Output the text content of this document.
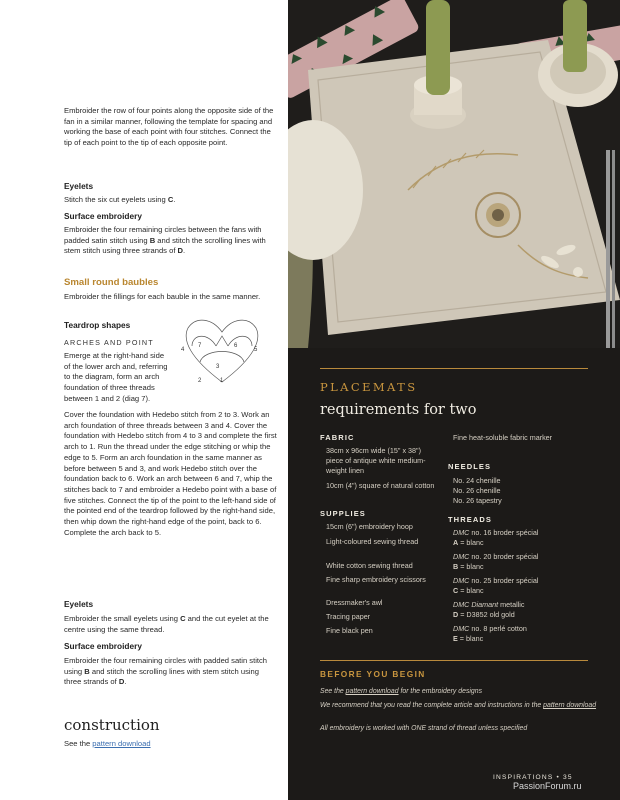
Embroider the row of four points along the opposite side of the fan in a similar manner, following the template for spacing and working the base of each point with four stitches. Connect the tip of each point to the tip of each opposite point.
Eyelets
Stitch the six cut eyelets using C.
Surface embroidery
Embroider the four remaining circles between the fans with padded satin stitch using B and stitch the scrolling lines with stem stitch using three strands of D.
Small round baubles
Embroider the fillings for each bauble in the same manner.
Teardrop shapes
ARCHES AND POINT
Emerge at the right-hand side of the lower arch and, referring to the diagram, form an arch foundation of three threads between 1 and 2 (diag 7).
4
7	6
5
3
2	1
Cover the foundation with Hedebo stitch from 2 to 3. Work an arch foundation of three threads between 3 and 4. Cover the foundation with Hedebo stitch from 4 to 3 and complete the first arch to 1. Run the thread under the edge stitching or whip the edge to 5. Form an arch foundation in the same manner as before between 5 and 3, and work Hedebo stitch over the foundation back to 6. Work an arch between 6 and 7, whip the stitches back to 7 and embroider a Hedebo point with a base of five stitches. Connect the tip of the point to the left-hand side of the pointed end of the teardrop followed by the right-hand side, then whip down the right-hand edge of the point, back to 6. Complete the arch back to 5.
Eyelets
Embroider the small eyelets using C and the cut eyelet at the centre using the same thread.
Surface embroidery
Embroider the four remaining circles with padded satin stitch using B and stitch the scrolling lines with stem stitch using three strands of D.
construction
See the pattern download
PLACEMATS
requirements for two
FABRIC
38cm x 96cm wide (15" x 38") piece of antique white medium-weight linen
10cm (4") square of natural cotton
SUPPLIES
15cm (6") embroidery hoop
Light-coloured sewing thread
White cotton sewing thread
Fine sharp embroidery scissors
Dressmaker's awl
Tracing paper
Fine black pen
Fine heat-soluble fabric marker
NEEDLES
No. 24 chenille
No. 26 chenille
No. 26 tapestry
THREADS
DMC no. 16 broder spécial
A = blanc
DMC no. 20 broder spécial
B = blanc
DMC no. 25 broder spécial
C = blanc
DMC Diamant metallic
D = D3852 old gold
DMC no. 8 perlé cotton
E = blanc
BEFORE YOU BEGIN
See the pattern download for the embroidery designs
We recommend that you read the complete article and instructions in the pattern download
All embroidery is worked with ONE strand of thread unless specified
INSPIRATIONS • 35
PassionForum.ru
